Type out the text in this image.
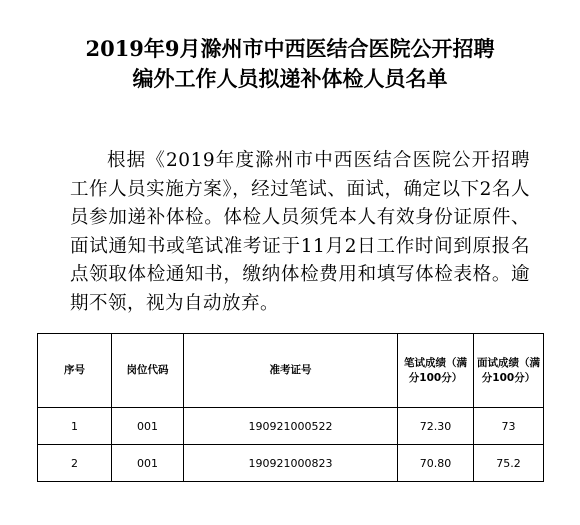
2019年9月滁州市中西医结合医院公开招聘
编外工作人员拟递补体检人员名单
根据《2019年度滁州市中西医结合医院公开招聘工作人员实施方案》，经过笔试、面试，确定以下2名人员参加递补体检。体检人员须凭本人有效身份证原件、面试通知书或笔试准考证于11月2日工作时间到原报名点领取体检通知书，缴纳体检费用和填写体检表格。逾期不领，视为自动放弃。
序号	岗位代码	准考证号	笔试成绩（满分100分）	面试成绩（满分100分）
1	001	190921000522	72.30	73
2	001	190921000823	70.80	75.2
